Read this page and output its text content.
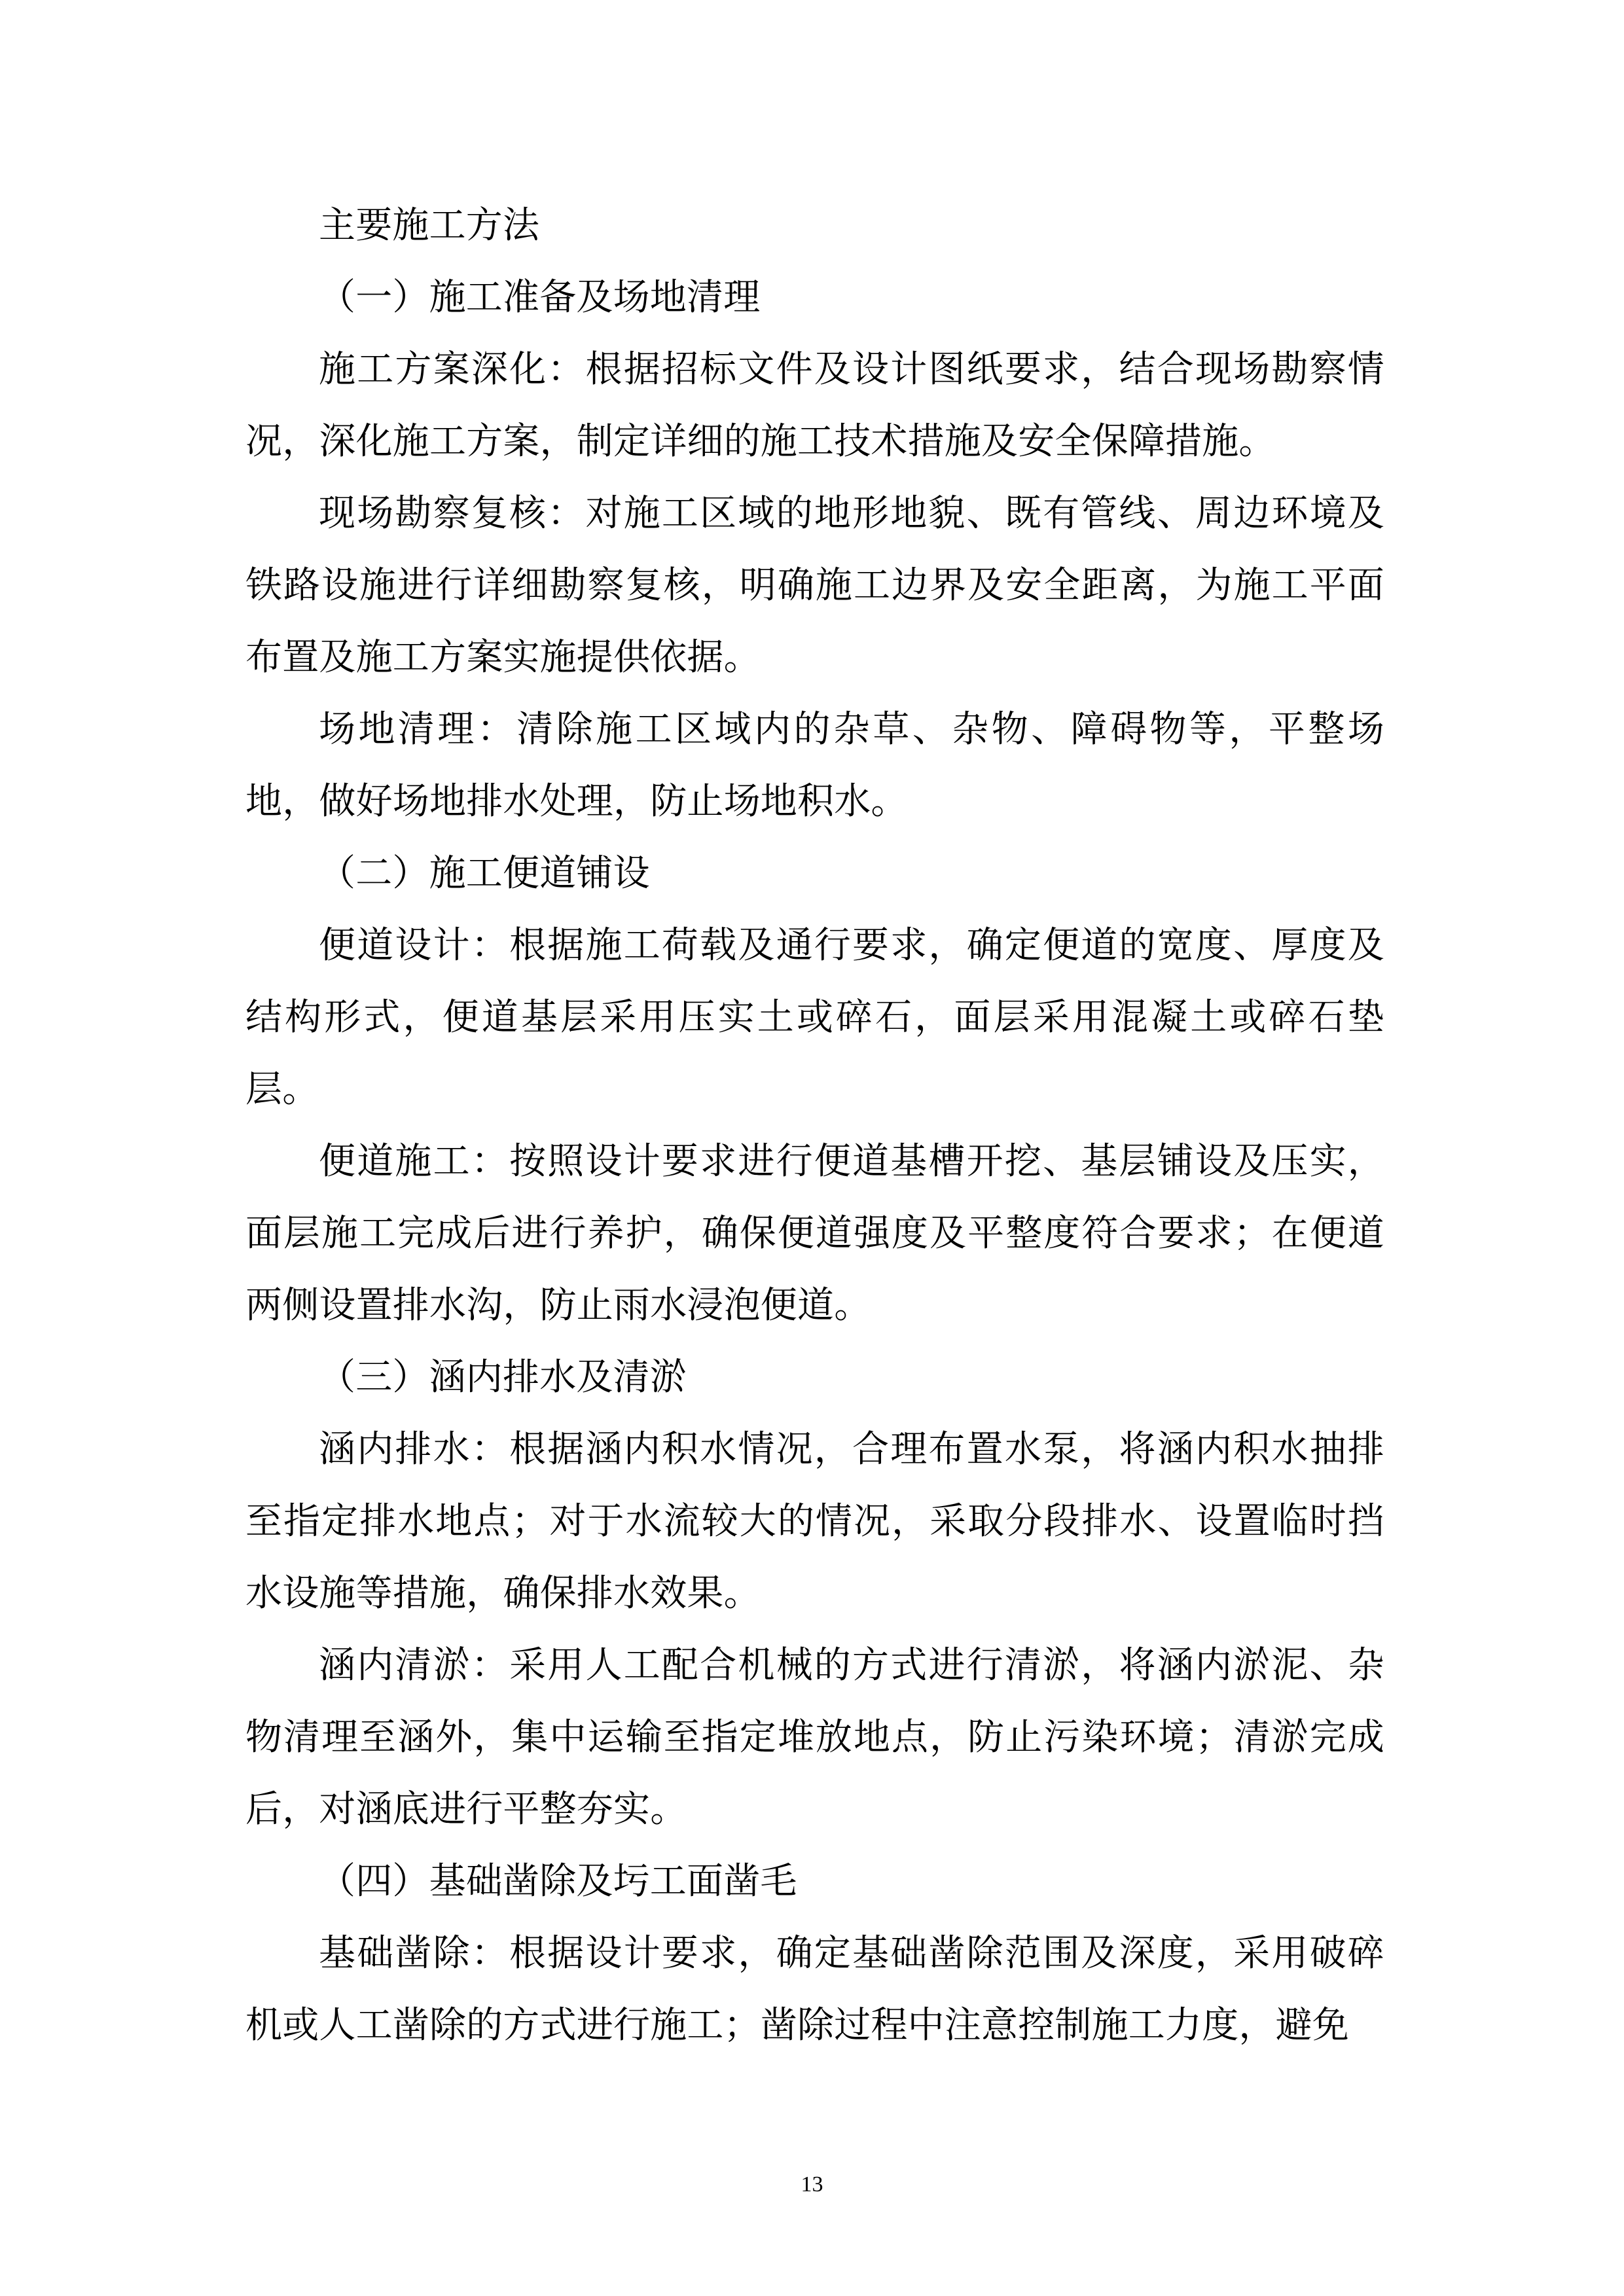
主要施工方法

（一）施工准备及场地清理

施工方案深化：根据招标文件及设计图纸要求，结合现场勘察情况，深化施工方案，制定详细的施工技术措施及安全保障措施。

现场勘察复核：对施工区域的地形地貌、既有管线、周边环境及铁路设施进行详细勘察复核，明确施工边界及安全距离，为施工平面布置及施工方案实施提供依据。

场地清理：清除施工区域内的杂草、杂物、障碍物等，平整场地，做好场地排水处理，防止场地积水。

（二）施工便道铺设

便道设计：根据施工荷载及通行要求，确定便道的宽度、厚度及结构形式，便道基层采用压实土或碎石，面层采用混凝土或碎石垫层。

便道施工：按照设计要求进行便道基槽开挖、基层铺设及压实，面层施工完成后进行养护，确保便道强度及平整度符合要求；在便道两侧设置排水沟，防止雨水浸泡便道。

（三）涵内排水及清淤

涵内排水：根据涵内积水情况，合理布置水泵，将涵内积水抽排至指定排水地点；对于水流较大的情况，采取分段排水、设置临时挡水设施等措施，确保排水效果。

涵内清淤：采用人工配合机械的方式进行清淤，将涵内淤泥、杂物清理至涵外，集中运输至指定堆放地点，防止污染环境；清淤完成后，对涵底进行平整夯实。

（四）基础凿除及圬工面凿毛

基础凿除：根据设计要求，确定基础凿除范围及深度，采用破碎机或人工凿除的方式进行施工；凿除过程中注意控制施工力度，避免

13
